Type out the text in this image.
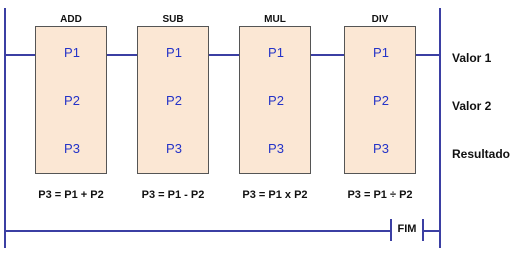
ADD
P1
P2
P3
P3 = P1 + P2
SUB
P1
P2
P3
P3 = P1 - P2
MUL
P1
P2
P3
P3 = P1 x P2
DIV
P1
P2
P3
P3 = P1 ÷ P2
Valor 1
Valor 2
Resultado
FIM
